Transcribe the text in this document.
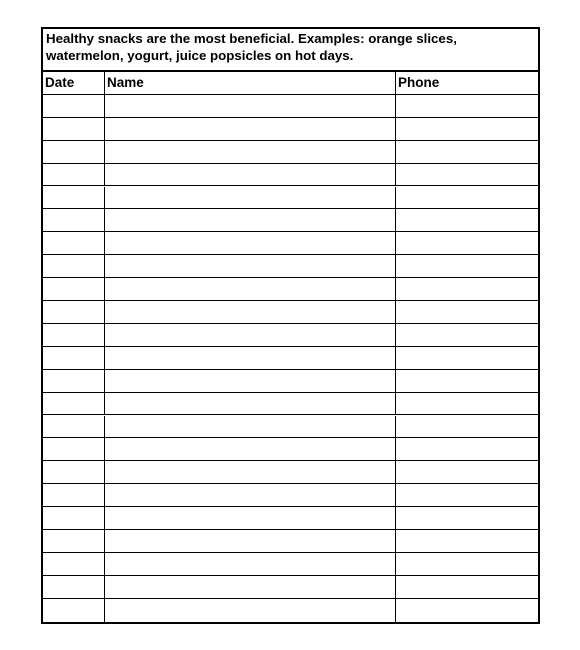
Healthy snacks are the most beneficial. Examples: orange slices, watermelon, yogurt, juice popsicles on hot days.
Date	Name	Phone
